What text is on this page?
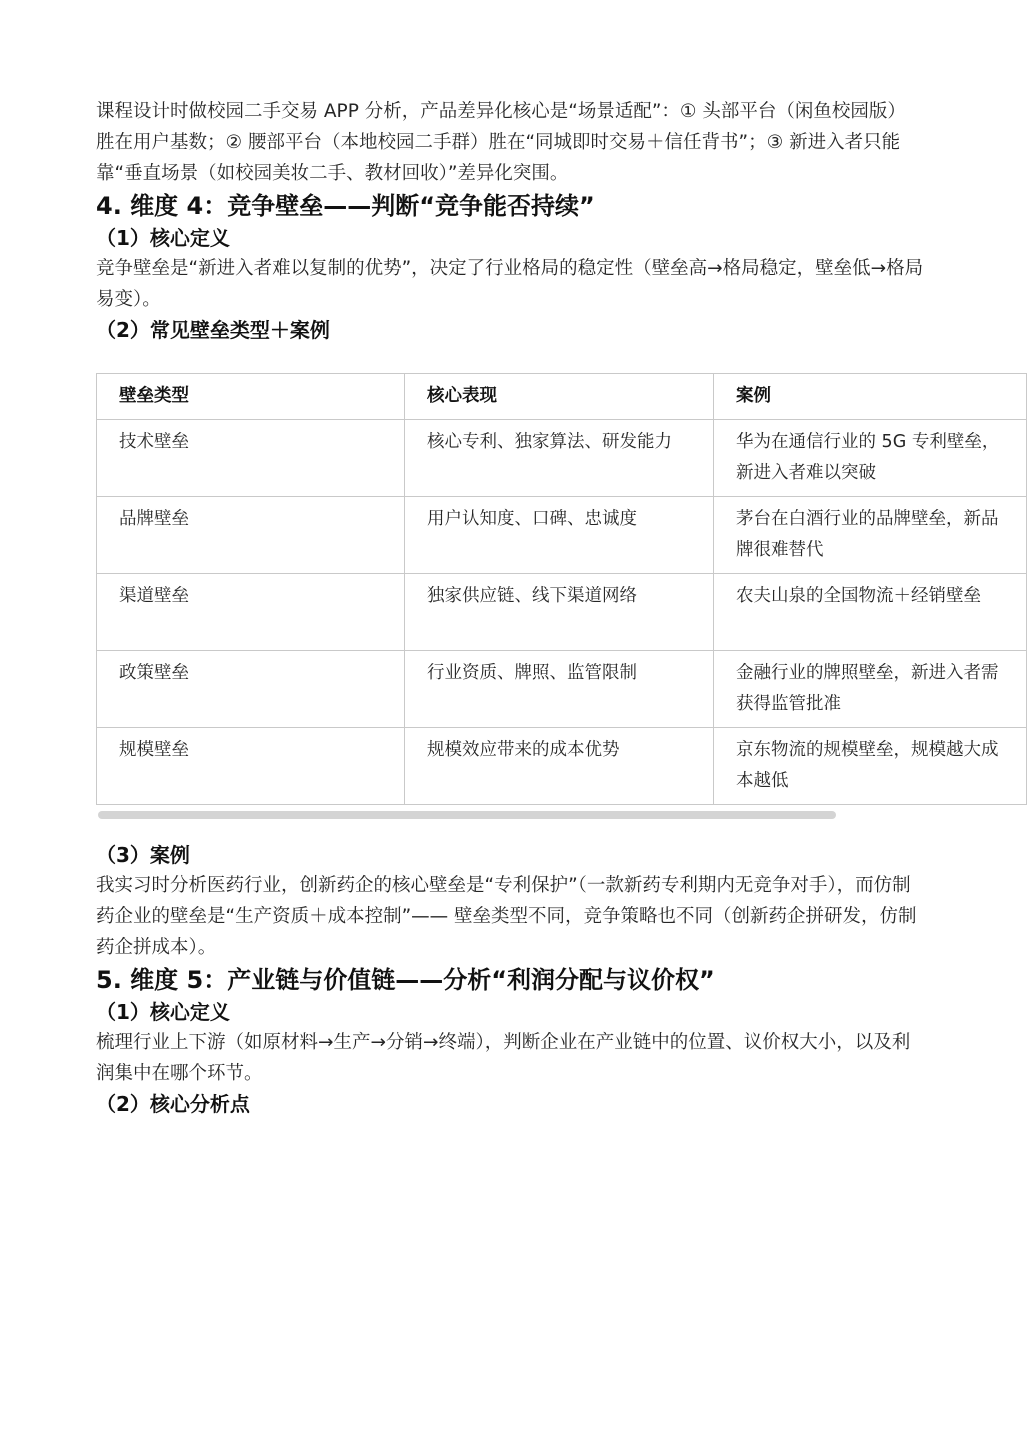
课程设计时做校园二手交易 APP 分析，产品差异化核心是“场景适配”：① 头部平台（闲鱼校园版）胜在用户基数；② 腰部平台（本地校园二手群）胜在“同城即时交易＋信任背书”；③ 新进入者只能靠“垂直场景（如校园美妆二手、教材回收）”差异化突围。

4. 维度 4：竞争壁垒——判断“竞争能否持续”
（1）核心定义

竞争壁垒是“新进入者难以复制的优势”，决定了行业格局的稳定性（壁垒高→格局稳定，壁垒低→格局易变）。

（2）常见壁垒类型＋案例
壁垒类型	核心表现	案例
技术壁垒	核心专利、独家算法、研发能力	华为在通信行业的 5G 专利壁垒，新进入者难以突破
品牌壁垒	用户认知度、口碑、忠诚度	茅台在白酒行业的品牌壁垒，新品牌很难替代
渠道壁垒	独家供应链、线下渠道网络	农夫山泉的全国物流＋经销壁垒
政策壁垒	行业资质、牌照、监管限制	金融行业的牌照壁垒，新进入者需获得监管批准
规模壁垒	规模效应带来的成本优势	京东物流的规模壁垒，规模越大成本越低
（3）案例

我实习时分析医药行业，创新药企的核心壁垒是“专利保护”（一款新药专利期内无竞争对手），而仿制药企业的壁垒是“生产资质＋成本控制”—— 壁垒类型不同，竞争策略也不同（创新药企拼研发，仿制药企拼成本）。

5. 维度 5：产业链与价值链——分析“利润分配与议价权”
（1）核心定义

梳理行业上下游（如原材料→生产→分销→终端），判断企业在产业链中的位置、议价权大小，以及利润集中在哪个环节。

（2）核心分析点
